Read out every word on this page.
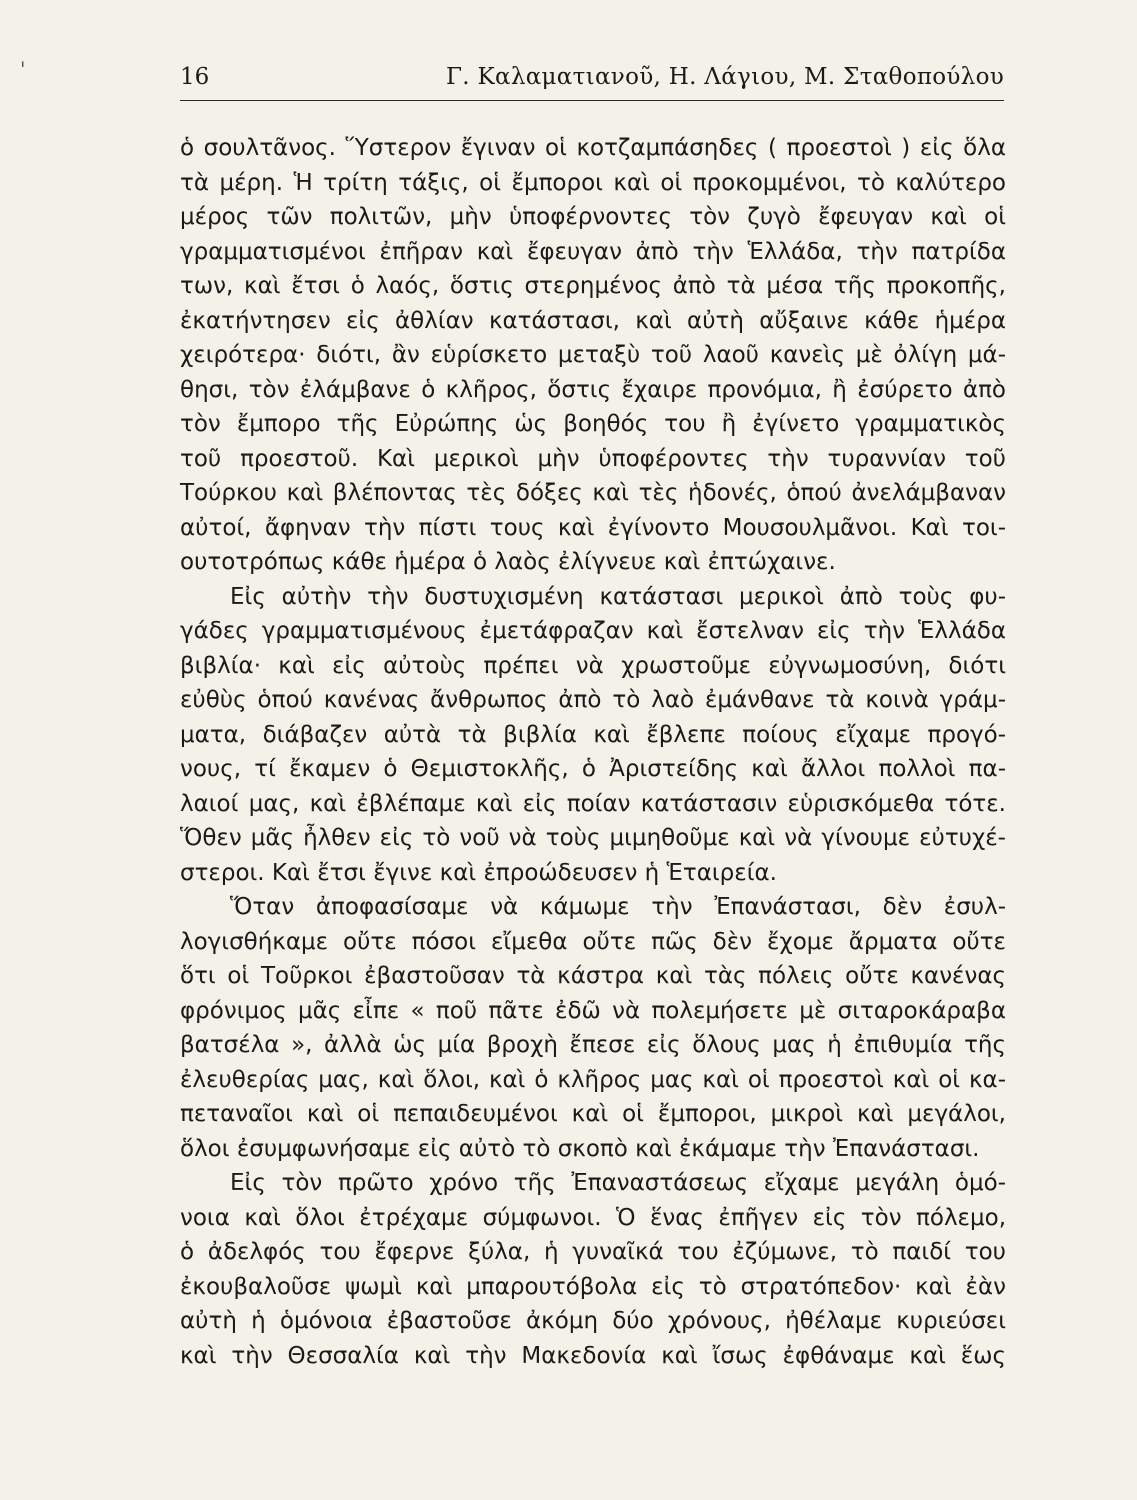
ˈ	16	Γ. Καλαματιανοῦ, Η. Λάγιου, Μ. Σταθοπούλου
ὁ σουλτᾶνος. Ὕστερον ἔγιναν οἱ κοτζαμπάσηδες ( προεστοὶ ) εἰς ὅλα
τὰ μέρη. Ἡ τρίτη τάξις, οἱ ἔμποροι καὶ οἱ προκομμένοι, τὸ καλύτερο
μέρος τῶν πολιτῶν, μὴν ὑποφέρνοντες τὸν ζυγὸ ἔφευγαν καὶ οἱ
γραμματισμένοι ἐπῆραν καὶ ἔφευγαν ἀπὸ τὴν Ἑλλάδα, τὴν πατρίδα
των, καὶ ἔτσι ὁ λαός, ὅστις στερημένος ἀπὸ τὰ μέσα τῆς προκοπῆς,
ἐκατήντησεν εἰς ἀθλίαν κατάστασι, καὶ αὐτὴ αὔξαινε κάθε ἡμέρα
χειρότερα· διότι, ἂν εὑρίσκετο μεταξὺ τοῦ λαοῦ κανεὶς μὲ ὀλίγη μά-
θησι, τὸν ἐλάμβανε ὁ κλῆρος, ὅστις ἔχαιρε προνόμια, ἢ ἐσύρετο ἀπὸ
τὸν ἔμπορο τῆς Εὐρώπης ὡς βοηθός του ἢ ἐγίνετο γραμματικὸς
τοῦ προεστοῦ. Καὶ μερικοὶ μὴν ὑποφέροντες τὴν τυραννίαν τοῦ
Τούρκου καὶ βλέποντας τὲς δόξες καὶ τὲς ἡδονές, ὁπού ἀνελάμβαναν
αὐτοί, ἄφηναν τὴν πίστι τους καὶ ἐγίνοντο Μουσουλμᾶνοι. Καὶ τοι-
ουτοτρόπως κάθε ἡμέρα ὁ λαὸς ἐλίγνευε καὶ ἐπτώχαινε.
Εἰς αὐτὴν τὴν δυστυχισμένη κατάστασι μερικοὶ ἀπὸ τοὺς φυ-
γάδες γραμματισμένους ἐμετάφραζαν καὶ ἔστελναν εἰς τὴν Ἑλλάδα
βιβλία· καὶ εἰς αὐτοὺς πρέπει νὰ χρωστοῦμε εὐγνωμοσύνη, διότι
εὐθὺς ὁπού κανένας ἄνθρωπος ἀπὸ τὸ λαὸ ἐμάνθανε τὰ κοινὰ γράμ-
ματα, διάβαζεν αὐτὰ τὰ βιβλία καὶ ἔβλεπε ποίους εἴχαμε προγό-
νους, τί ἔκαμεν ὁ Θεμιστοκλῆς, ὁ Ἀριστείδης καὶ ἄλλοι πολλοὶ πα-
λαιοί μας, καὶ ἐβλέπαμε καὶ εἰς ποίαν κατάστασιν εὑρισκόμεθα τότε.
Ὅθεν μᾶς ἦλθεν εἰς τὸ νοῦ νὰ τοὺς μιμηθοῦμε καὶ νὰ γίνουμε εὐτυχέ-
στεροι. Καὶ ἔτσι ἔγινε καὶ ἐπροώδευσεν ἡ Ἑταιρεία.
Ὅταν ἀποφασίσαμε νὰ κάμωμε τὴν Ἐπανάστασι, δὲν ἐσυλ-
λογισθήκαμε οὔτε πόσοι εἴμεθα οὔτε πῶς δὲν ἔχομε ἄρματα οὔτε
ὅτι οἱ Τοῦρκοι ἐβαστοῦσαν τὰ κάστρα καὶ τὰς πόλεις οὔτε κανένας
φρόνιμος μᾶς εἶπε « ποῦ πᾶτε ἐδῶ νὰ πολεμήσετε μὲ σιταροκάραβα
βατσέλα », ἀλλὰ ὡς μία βροχὴ ἔπεσε εἰς ὅλους μας ἡ ἐπιθυμία τῆς
ἐλευθερίας μας, καὶ ὅλοι, καὶ ὁ κλῆρος μας καὶ οἱ προεστοὶ καὶ οἱ κα-
πεταναῖοι καὶ οἱ πεπαιδευμένοι καὶ οἱ ἔμποροι, μικροὶ καὶ μεγάλοι,
ὅλοι ἐσυμφωνήσαμε εἰς αὐτὸ τὸ σκοπὸ καὶ ἐκάμαμε τὴν Ἐπανάστασι.
Εἰς τὸν πρῶτο χρόνο τῆς Ἐπαναστάσεως εἴχαμε μεγάλη ὁμό-
νοια καὶ ὅλοι ἐτρέχαμε σύμφωνοι. Ὁ ἕνας ἐπῆγεν εἰς τὸν πόλεμο,
ὁ ἀδελφός του ἔφερνε ξύλα, ἡ γυναῖκά του ἐζύμωνε, τὸ παιδί του
ἐκουβαλοῦσε ψωμὶ καὶ μπαρουτόβολα εἰς τὸ στρατόπεδον· καὶ ἐὰν
αὐτὴ ἡ ὁμόνοια ἐβαστοῦσε ἀκόμη δύο χρόνους, ἠθέλαμε κυριεύσει
καὶ τὴν Θεσσαλία καὶ τὴν Μακεδονία καὶ ἴσως ἐφθάναμε καὶ ἕως
